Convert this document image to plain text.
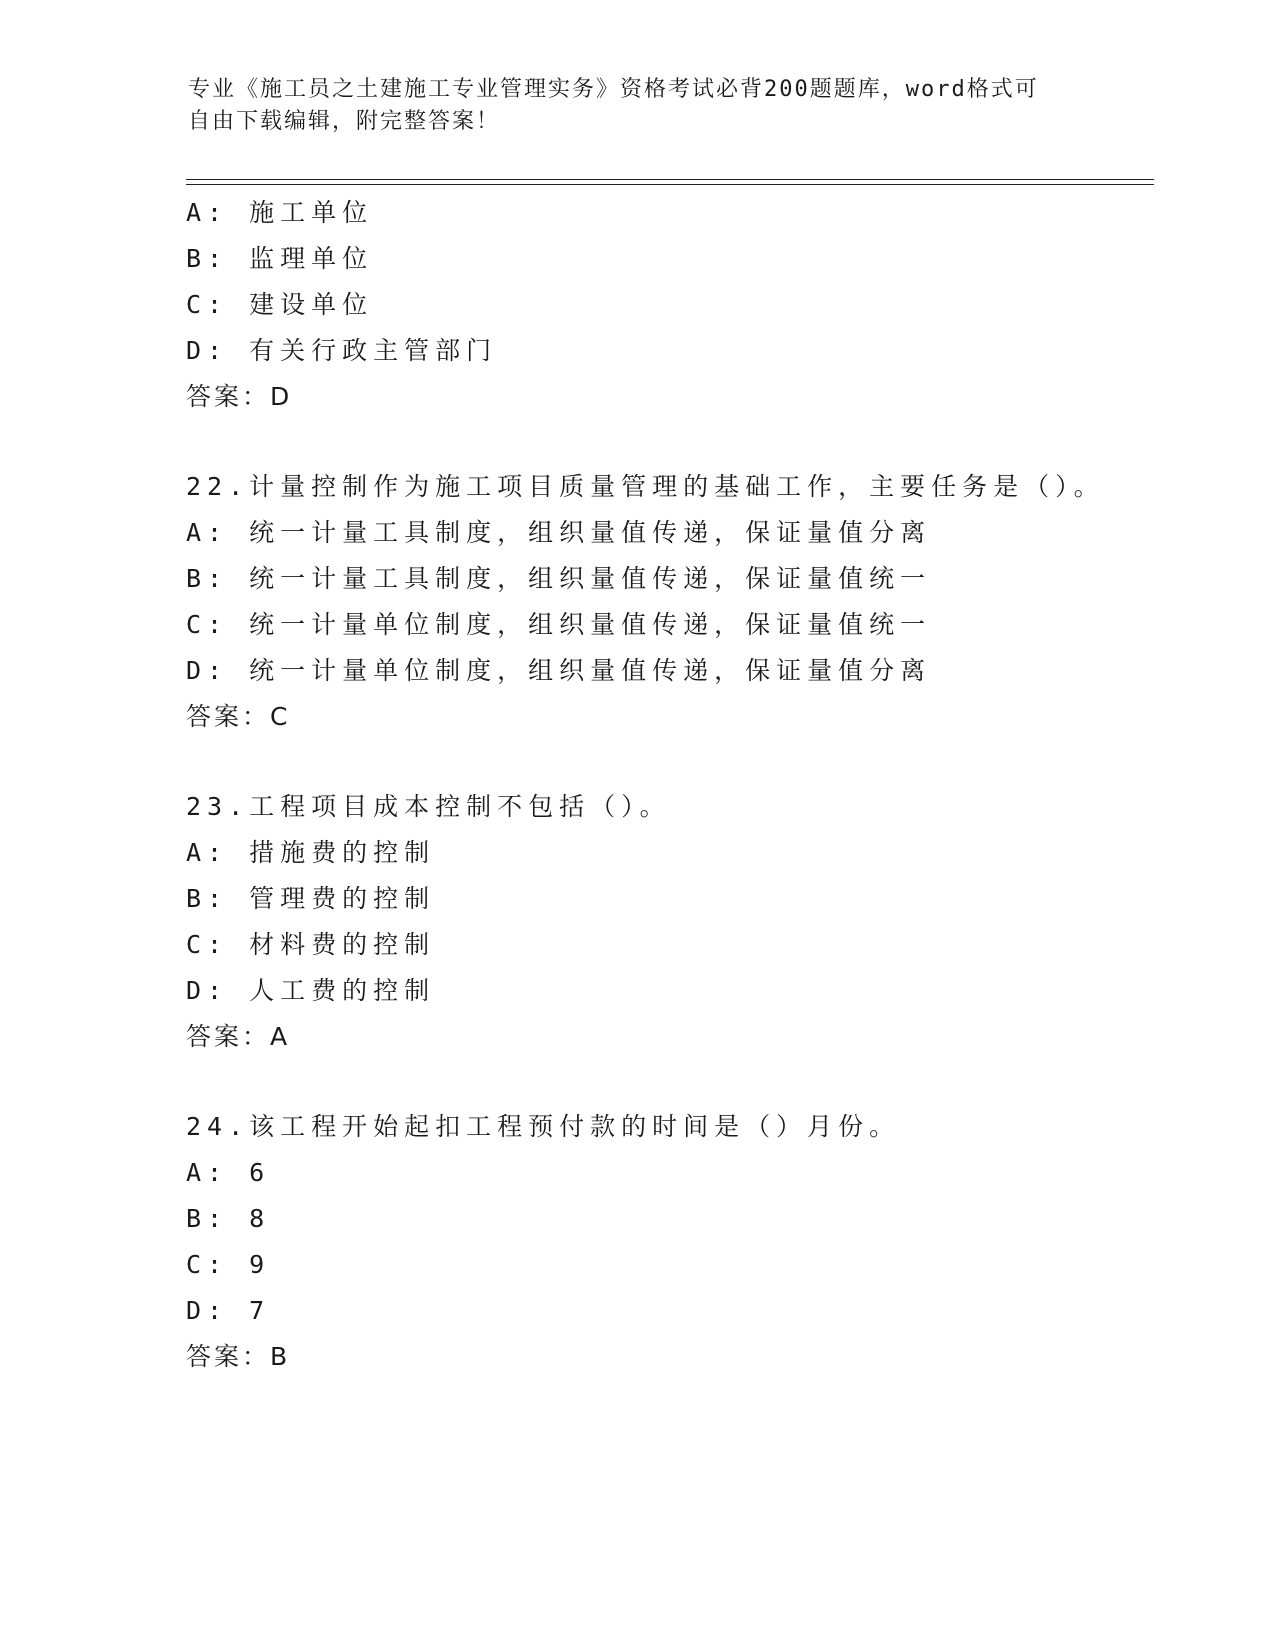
专业《施工员之土建施工专业管理实务》资格考试必背200题题库，word格式可
自由下载编辑，附完整答案！
A: 施工单位
B: 监理单位
C: 建设单位
D: 有关行政主管部门
答案：D
22.计量控制作为施工项目质量管理的基础工作，主要任务是（）。
A: 统一计量工具制度，组织量值传递，保证量值分离
B: 统一计量工具制度，组织量值传递，保证量值统一
C: 统一计量单位制度，组织量值传递，保证量值统一
D: 统一计量单位制度，组织量值传递，保证量值分离
答案：C
23.工程项目成本控制不包括（）。
A: 措施费的控制
B: 管理费的控制
C: 材料费的控制
D: 人工费的控制
答案：A
24.该工程开始起扣工程预付款的时间是（）月份。
A: 6
B: 8
C: 9
D: 7
答案：B
